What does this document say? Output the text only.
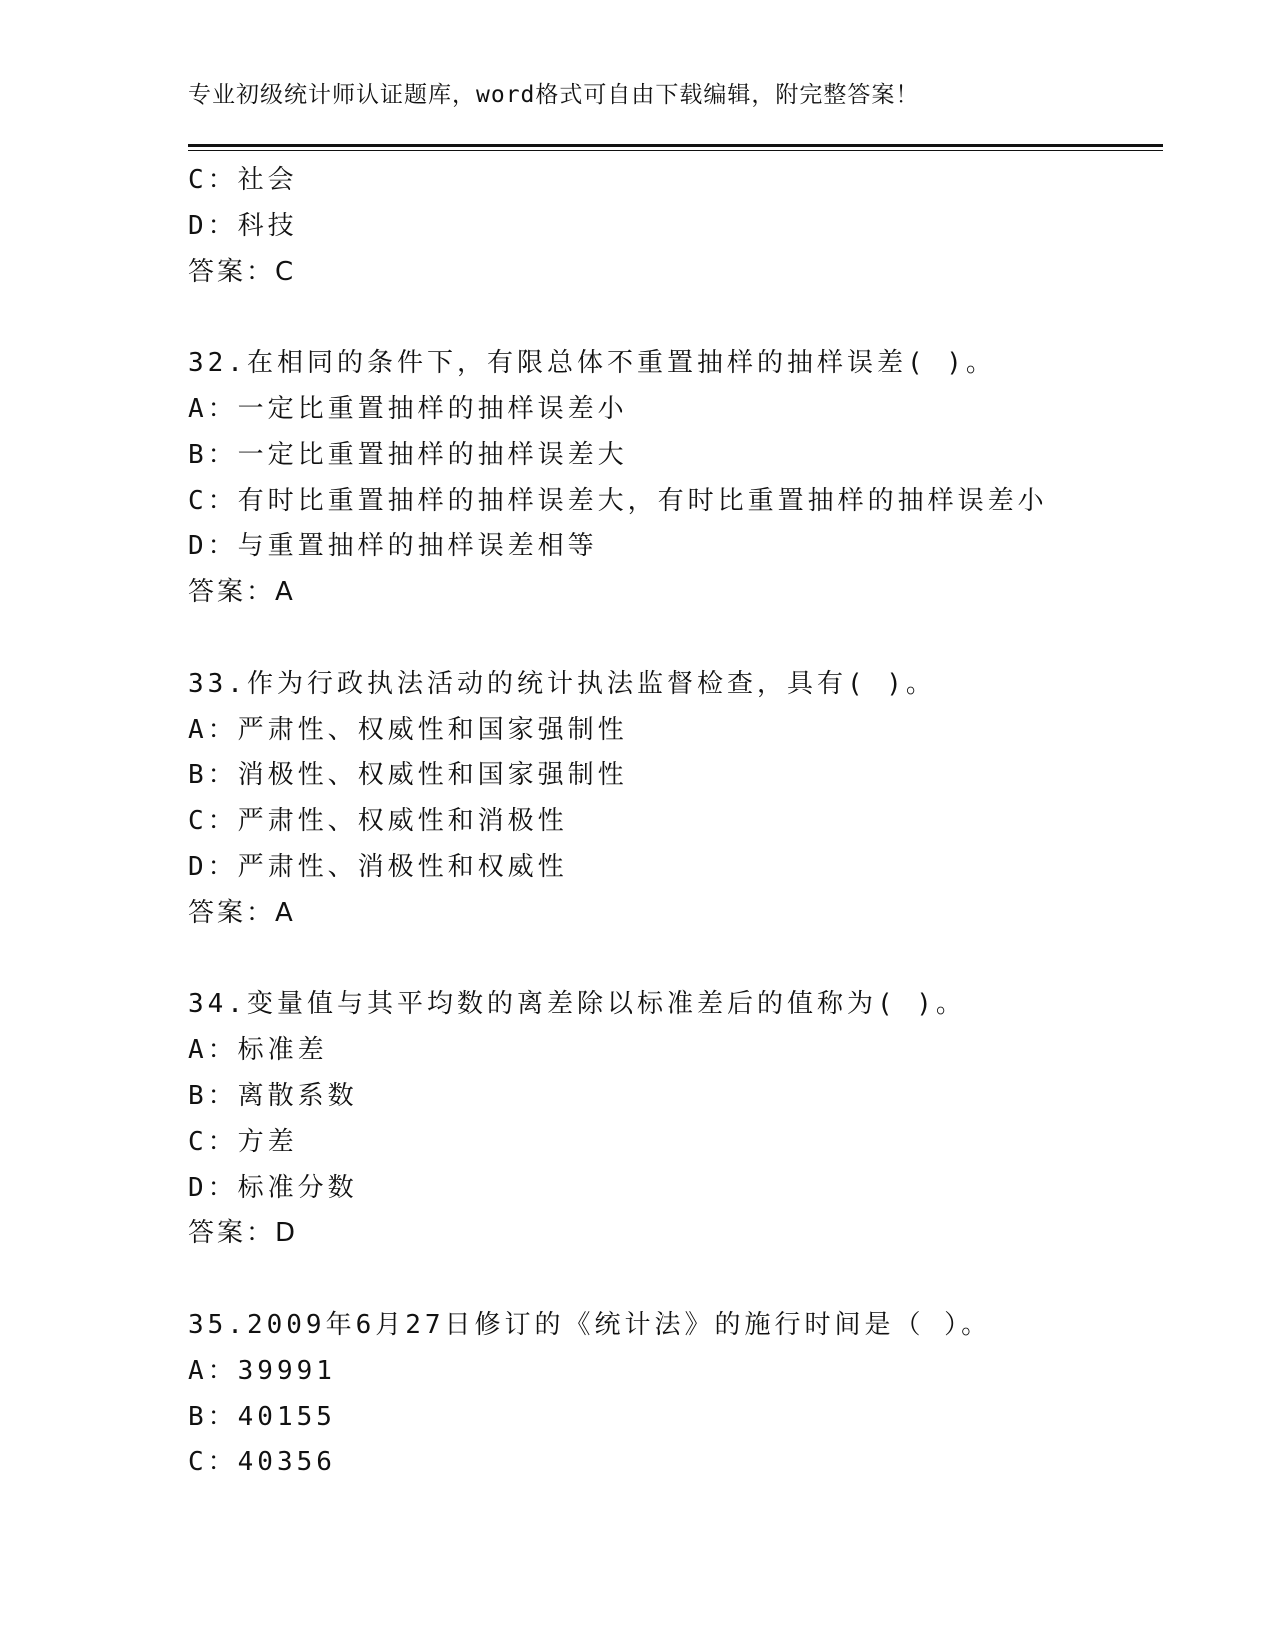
专业初级统计师认证题库，word格式可自由下载编辑，附完整答案！
C：社会
D：科技
答案：C
32.在相同的条件下，有限总体不重置抽样的抽样误差( )。
A：一定比重置抽样的抽样误差小
B：一定比重置抽样的抽样误差大
C：有时比重置抽样的抽样误差大，有时比重置抽样的抽样误差小
D：与重置抽样的抽样误差相等
答案：A
33.作为行政执法活动的统计执法监督检查，具有( )。
A：严肃性、权威性和国家强制性
B：消极性、权威性和国家强制性
C：严肃性、权威性和消极性
D：严肃性、消极性和权威性
答案：A
34.变量值与其平均数的离差除以标准差后的值称为( )。
A：标准差
B：离散系数
C：方差
D：标准分数
答案：D
35.2009年6月27日修订的《统计法》的施行时间是（ ）。
A：39991
B：40155
C：40356
